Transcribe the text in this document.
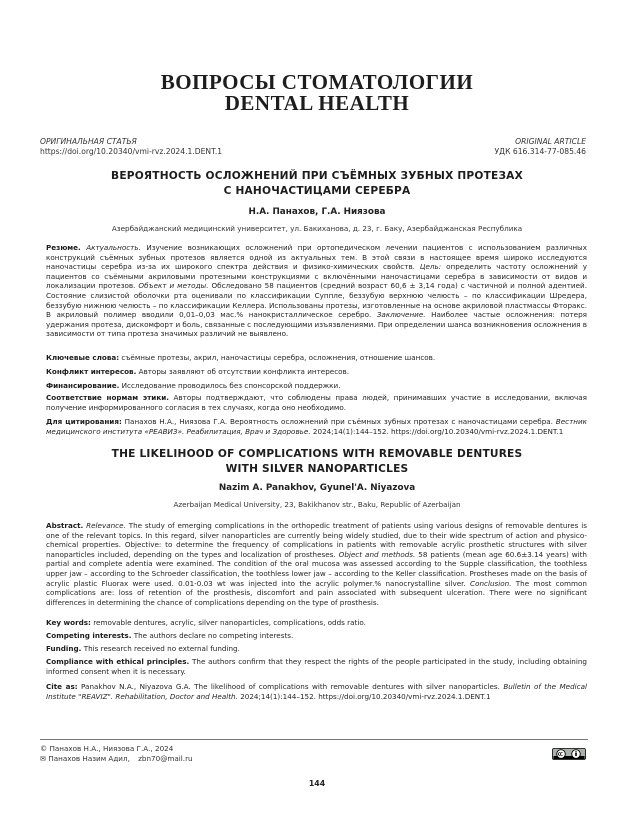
ВОПРОСЫ СТОМАТОЛОГИИ
DENTAL HEALTH
ОРИГИНАЛЬНАЯ СТАТЬЯ
https://doi.org/10.20340/vmi-rvz.2024.1.DENT.1
ORIGINAL ARTICLE
УДК 616.314-77-085.46
ВЕРОЯТНОСТЬ ОСЛОЖНЕНИЙ ПРИ СЪЁМНЫХ ЗУБНЫХ ПРОТЕЗАХ
С НАНОЧАСТИЦАМИ СЕРЕБРА
Н.А. Панахов, Г.А. Ниязова
Азербайджанский медицинский университет, ул. Бакиханова, д. 23, г. Баку, Азербайджанская Республика
Резюме. Актуальность. Изучение возникающих осложнений при ортопедическом лечении пациентов с использованием различных конструкций съёмных зубных протезов является одной из актуальных тем. В этой связи в настоящее время широко исследуются наночастицы серебра из-за их широкого спектра действия и физико-химических свойств. Цель: определить частоту осложнений у пациентов со съёмными акриловыми протезными конструкциями с включёнными наночастицами серебра в зависимости от видов и локализации протезов. Объект и методы. Обследовано 58 пациентов (средний возраст 60,6 ± 3,14 года) с частичной и полной адентией. Состояние слизистой оболочки рта оценивали по классификации Суппле, беззубую верхнюю челюсть – по классификации Шредера, беззубую нижнюю челюсть – по классификации Келлера. Использованы протезы, изготовленные на основе акриловой пластмассы Фторакс. В акриловый полимер вводили 0,01–0,03 мас.% нанокристаллическое серебро. Заключение. Наиболее частые осложнения: потеря удержания протеза, дискомфорт и боль, связанные с последующими изъязвлениями. При определении шанса возникновения осложнения в зависимости от типа протеза значимых различий не выявлено.
Ключевые слова: съёмные протезы, акрил, наночастицы серебра, осложнения, отношение шансов.
Конфликт интересов. Авторы заявляют об отсутствии конфликта интересов.
Финансирование. Исследование проводилось без спонсорской поддержки.
Соответствие нормам этики. Авторы подтверждают, что соблюдены права людей, принимавших участие в исследовании, включая получение информированного согласия в тех случаях, когда оно необходимо.
Для цитирования: Панахов Н.А., Ниязова Г.А. Вероятность осложнений при съёмных зубных протезах с наночастицами серебра. Вестник медицинского института «РЕАВИЗ». Реабилитация, Врач и Здоровье. 2024;14(1):144–152. https://doi.org/10.20340/vmi-rvz.2024.1.DENT.1
THE LIKELIHOOD OF COMPLICATIONS WITH REMOVABLE DENTURES
WITH SILVER NANOPARTICLES
Nazim A. Panakhov, Gyunel'A. Niyazova
Azerbaijan Medical University, 23, Bakikhanov str., Baku, Republic of Azerbaijan
Abstract. Relevance. The study of emerging complications in the orthopedic treatment of patients using various designs of removable dentures is one of the relevant topics. In this regard, silver nanoparticles are currently being widely studied, due to their wide spectrum of action and physico-chemical properties. Objective: to determine the frequency of complications in patients with removable acrylic prosthetic structures with silver nanoparticles included, depending on the types and localization of prostheses. Object and methods. 58 patients (mean age 60.6±3.14 years) with partial and complete adentia were examined. The condition of the oral mucosa was assessed according to the Supple classification, the toothless upper jaw – according to the Schroeder classification, the toothless lower jaw – according to the Keller classification. Prostheses made on the basis of acrylic plastic Fluorax were used. 0.01-0.03 wt was injected into the acrylic polymer.% nanocrystalline silver. Conclusion. The most common complications are: loss of retention of the prosthesis, discomfort and pain associated with subsequent ulceration. There were no significant differences in determining the chance of complications depending on the type of prosthesis.
Key words: removable dentures, acrylic, silver nanoparticles, complications, odds ratio.
Competing interests. The authors declare no competing interests.
Funding. This research received no external funding.
Compliance with ethical principles. The authors confirm that they respect the rights of the people participated in the study, including obtaining informed consent when it is necessary.
Cite as: Panakhov N.A., Niyazova G.A. The likelihood of complications with removable dentures with silver nanoparticles. Bulletin of the Medical Institute "REAVIZ". Rehabilitation, Doctor and Health. 2024;14(1):144–152. https://doi.org/10.20340/vmi-rvz.2024.1.DENT.1
© Панахов Н.А., Ниязова Г.А., 2024
✉ Панахов Назим Адил, zbn70@mail.ru
144
